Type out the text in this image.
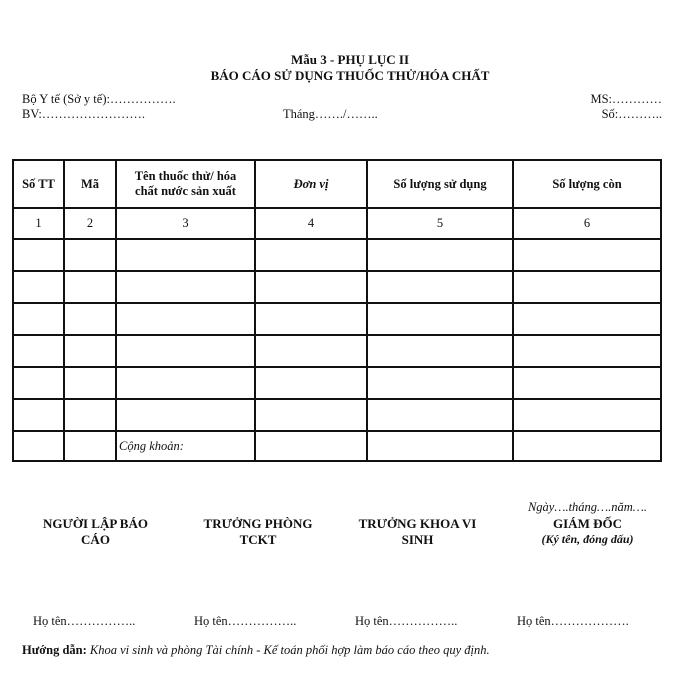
Mẫu 3 - PHỤ LỤC II
BÁO CÁO SỬ DỤNG THUỐC THỬ/HÓA CHẤT
Bộ Y tế (Sở y tế):…………….
BV:…………………….	Tháng……./……..
MS:…………
Số:………..
Số TT	Mã	Tên thuốc thử/ hóa chất nước sản xuất	Đơn vị	Số lượng sử dụng	Số lượng còn
1	2	3	4	5	6

		Cộng khoản:			
Ngày….tháng….năm….
NGƯỜI LẬP BÁO CÁO
TRƯỞNG PHÒNG TCKT
TRƯỞNG KHOA VI SINH
GIÁM ĐỐC
(Ký tên, đóng dấu)
Họ tên……………..	Họ tên……………..	Họ tên……………..	Họ tên……………….
Hướng dẫn: Khoa vi sinh và phòng Tài chính - Kế toán phối hợp làm báo cáo theo quy định.
